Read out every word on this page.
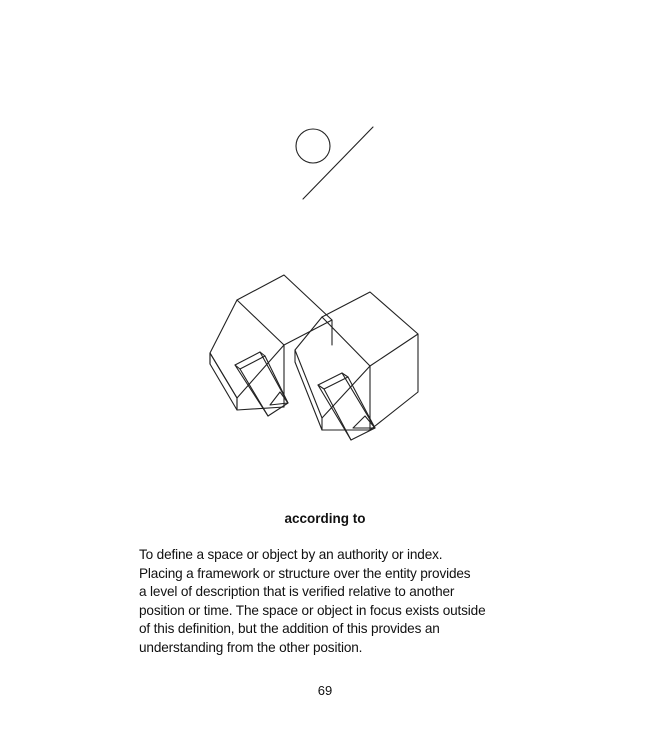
according to

To define a space or object by an authority or index.
Placing a framework or structure over the entity provides
a level of description that is verified relative to another
position or time. The space or object in focus exists outside
of this definition, but the addition of this provides an
understanding from the other position.

69
